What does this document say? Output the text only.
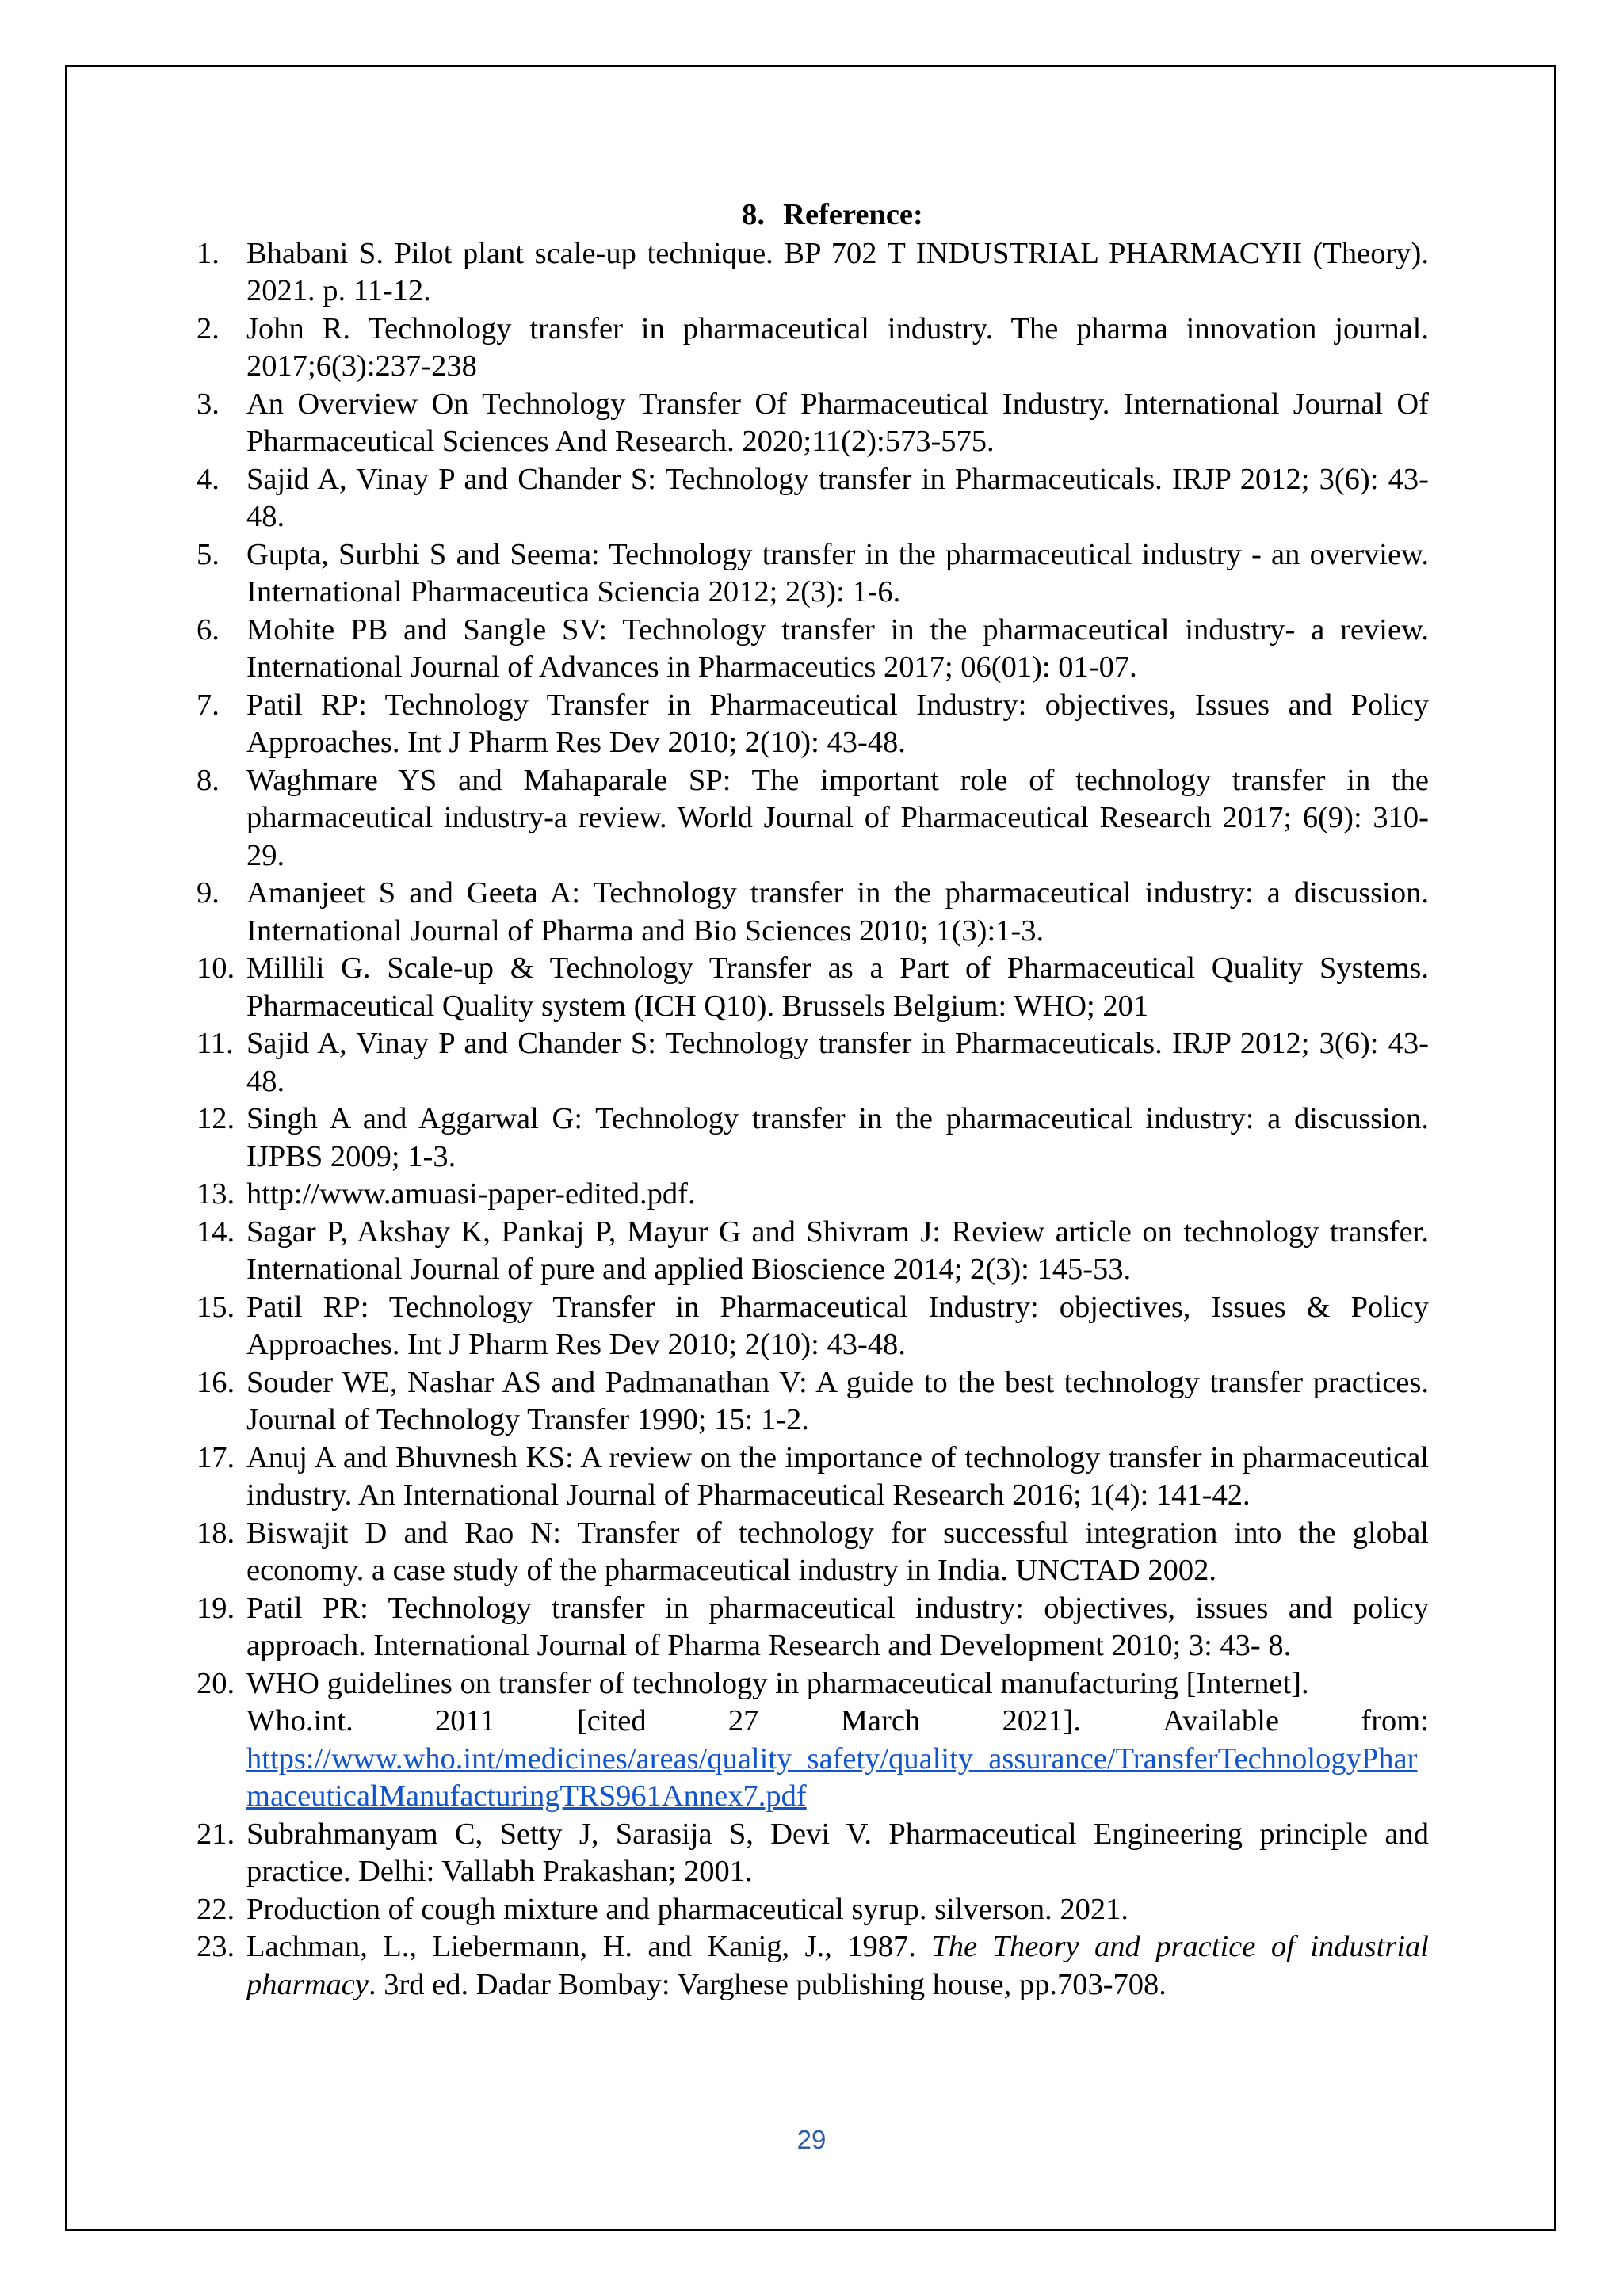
8. Reference:
1. Bhabani S. Pilot plant scale-up technique. BP 702 T INDUSTRIAL PHARMACYII (Theory). 2021. p. 11-12.
2. John R. Technology transfer in pharmaceutical industry. The pharma innovation journal. 2017;6(3):237-238
3. An Overview On Technology Transfer Of Pharmaceutical Industry. International Journal Of Pharmaceutical Sciences And Research. 2020;11(2):573-575.
4. Sajid A, Vinay P and Chander S: Technology transfer in Pharmaceuticals. IRJP 2012; 3(6): 43-48.
5. Gupta, Surbhi S and Seema: Technology transfer in the pharmaceutical industry - an overview. International Pharmaceutica Sciencia 2012; 2(3): 1-6.
6. Mohite PB and Sangle SV: Technology transfer in the pharmaceutical industry- a review. International Journal of Advances in Pharmaceutics 2017; 06(01): 01-07.
7. Patil RP: Technology Transfer in Pharmaceutical Industry: objectives, Issues and Policy Approaches. Int J Pharm Res Dev 2010; 2(10): 43-48.
8. Waghmare YS and Mahaparale SP: The important role of technology transfer in the pharmaceutical industry-a review. World Journal of Pharmaceutical Research 2017; 6(9): 310-29.
9. Amanjeet S and Geeta A: Technology transfer in the pharmaceutical industry: a discussion. International Journal of Pharma and Bio Sciences 2010; 1(3):1-3.
10. Millili G. Scale-up & Technology Transfer as a Part of Pharmaceutical Quality Systems. Pharmaceutical Quality system (ICH Q10). Brussels Belgium: WHO; 201
11. Sajid A, Vinay P and Chander S: Technology transfer in Pharmaceuticals. IRJP 2012; 3(6): 43-48.
12. Singh A and Aggarwal G: Technology transfer in the pharmaceutical industry: a discussion. IJPBS 2009; 1-3.
13. http://www.amuasi-paper-edited.pdf.
14. Sagar P, Akshay K, Pankaj P, Mayur G and Shivram J: Review article on technology transfer. International Journal of pure and applied Bioscience 2014; 2(3): 145-53.
15. Patil RP: Technology Transfer in Pharmaceutical Industry: objectives, Issues & Policy Approaches. Int J Pharm Res Dev 2010; 2(10): 43-48.
16. Souder WE, Nashar AS and Padmanathan V: A guide to the best technology transfer practices. Journal of Technology Transfer 1990; 15: 1-2.
17. Anuj A and Bhuvnesh KS: A review on the importance of technology transfer in pharmaceutical industry. An International Journal of Pharmaceutical Research 2016; 1(4): 141-42.
18. Biswajit D and Rao N: Transfer of technology for successful integration into the global economy. a case study of the pharmaceutical industry in India. UNCTAD 2002.
19. Patil PR: Technology transfer in pharmaceutical industry: objectives, issues and policy approach. International Journal of Pharma Research and Development 2010; 3: 43- 8.
20. WHO guidelines on transfer of technology in pharmaceutical manufacturing [Internet].
Who.int.	2011	[cited	27	March	2021].	Available	from:
https://www.who.int/medicines/areas/quality_safety/quality_assurance/TransferTechnologyPharmaceuticalManufacturingTRS961Annex7.pdf
21. Subrahmanyam C, Setty J, Sarasija S, Devi V. Pharmaceutical Engineering principle and practice. Delhi: Vallabh Prakashan; 2001.
22. Production of cough mixture and pharmaceutical syrup. silverson. 2021.
23. Lachman, L., Liebermann, H. and Kanig, J., 1987. The Theory and practice of industrial pharmacy. 3rd ed. Dadar Bombay: Varghese publishing house, pp.703-708.
29
